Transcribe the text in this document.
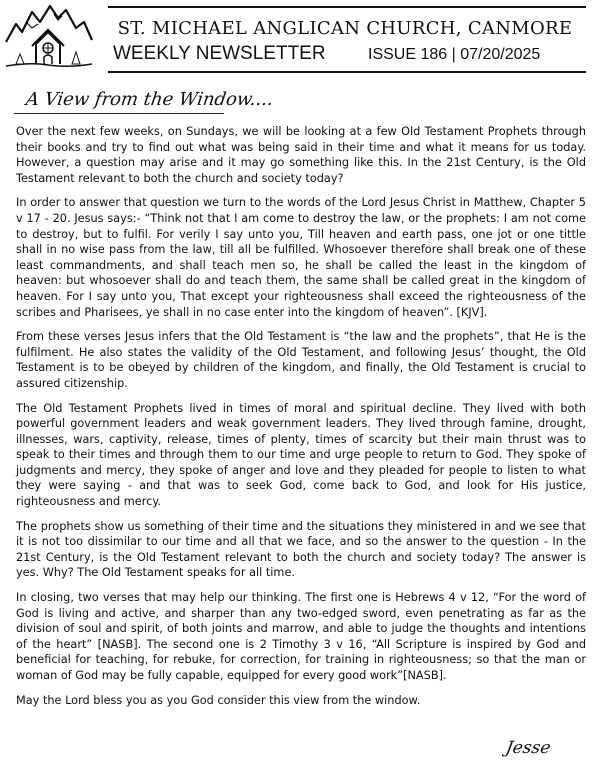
ST. MICHAEL ANGLICAN CHURCH, CANMORE
WEEKLY NEWSLETTER	ISSUE 186 | 07/20/2025
A View from the Window....

Over the next few weeks, on Sundays, we will be looking at a few Old Testament Prophets through their books and try to find out what was being said in their time and what it means for us today. However, a question may arise and it may go something like this. In the 21st Century, is the Old Testament relevant to both the church and society today?

In order to answer that question we turn to the words of the Lord Jesus Christ in Matthew, Chapter 5 v 17 - 20. Jesus says:- “Think not that I am come to destroy the law, or the prophets: I am not come to destroy, but to fulfil. For verily I say unto you, Till heaven and earth pass, one jot or one tittle shall in no wise pass from the law, till all be fulfilled. Whosoever therefore shall break one of these least commandments, and shall teach men so, he shall be called the least in the kingdom of heaven: but whosoever shall do and teach them, the same shall be called great in the kingdom of heaven. For I say unto you, That except your righteousness shall exceed the righteousness of the scribes and Pharisees, ye shall in no case enter into the kingdom of heaven”. [KJV].

From these verses Jesus infers that the Old Testament is “the law and the prophets”, that He is the fulfilment. He also states the validity of the Old Testament, and following Jesus’ thought, the Old Testament is to be obeyed by children of the kingdom, and finally, the Old Testament is crucial to assured citizenship.

The Old Testament Prophets lived in times of moral and spiritual decline. They lived with both powerful government leaders and weak government leaders. They lived through famine, drought, illnesses, wars, captivity, release, times of plenty, times of scarcity but their main thrust was to speak to their times and through them to our time and urge people to return to God. They spoke of judgments and mercy, they spoke of anger and love and they pleaded for people to listen to what they were saying - and that was to seek God, come back to God, and look for His justice, righteousness and mercy.

The prophets show us something of their time and the situations they ministered in and we see that it is not too dissimilar to our time and all that we face, and so the answer to the question - In the 21st Century, is the Old Testament relevant to both the church and society today? The answer is yes. Why? The Old Testament speaks for all time.

In closing, two verses that may help our thinking. The first one is Hebrews 4 v 12, “For the word of God is living and active, and sharper than any two-edged sword, even penetrating as far as the division of soul and spirit, of both joints and marrow, and able to judge the thoughts and intentions of the heart” [NASB]. The second one is 2 Timothy 3 v 16, “All Scripture is inspired by God and beneficial for teaching, for rebuke, for correction, for training in righteousness; so that the man or woman of God may be fully capable, equipped for every good work”[NASB].

May the Lord bless you as you God consider this view from the window.

Jesse
